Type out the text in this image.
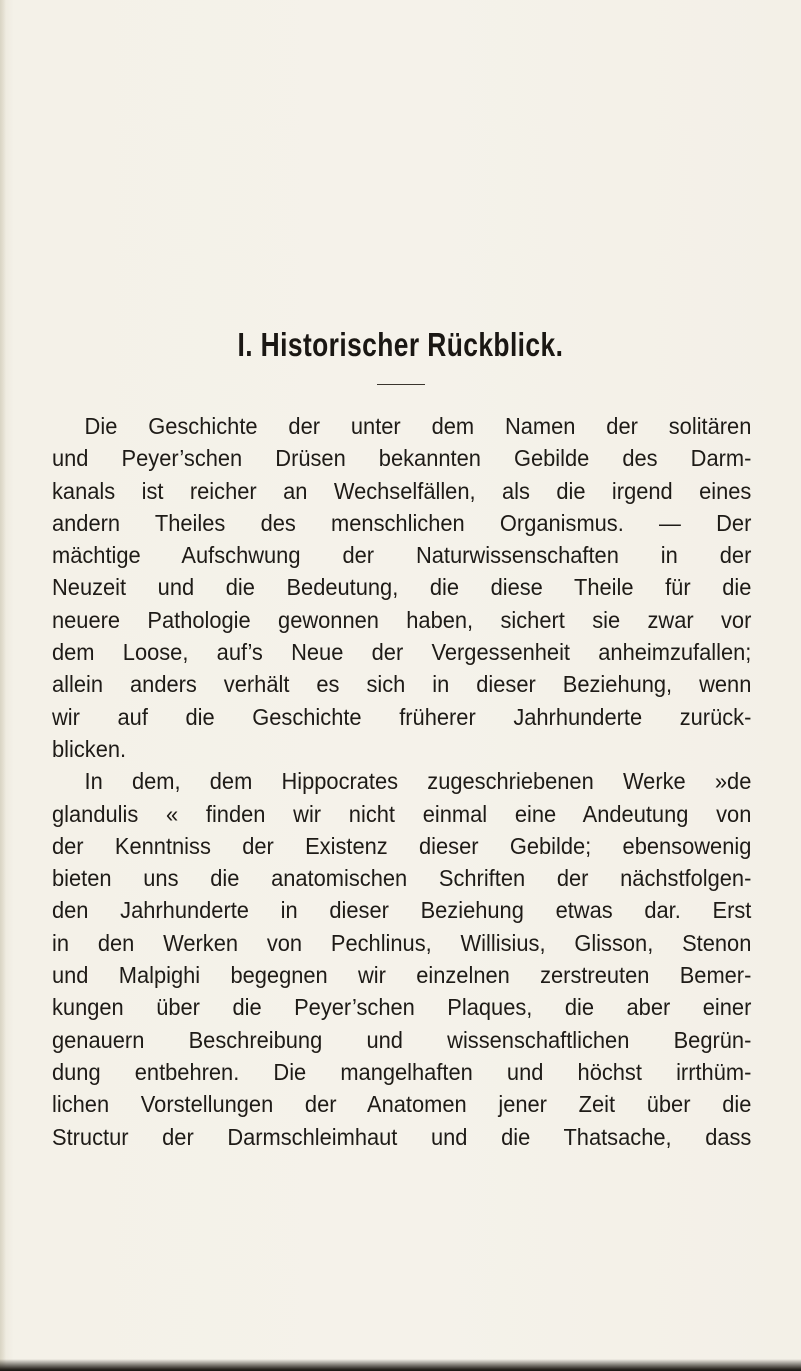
I. Historischer Rückblick.
Die Geschichte der unter dem Namen der solitären
und Peyer’schen Drüsen bekannten Gebilde des Darm-
kanals ist reicher an Wechselfällen, als die irgend eines
andern Theiles des menschlichen Organismus. — Der
mächtige Aufschwung der Naturwissenschaften in der
Neuzeit und die Bedeutung, die diese Theile für die
neuere Pathologie gewonnen haben, sichert sie zwar vor
dem Loose, auf’s Neue der Vergessenheit anheimzufallen;
allein anders verhält es sich in dieser Beziehung, wenn
wir auf die Geschichte früherer Jahrhunderte zurück-
blicken.
In dem, dem Hippocrates zugeschriebenen Werke »de
glandulis « finden wir nicht einmal eine Andeutung von
der Kenntniss der Existenz dieser Gebilde; ebensowenig
bieten uns die anatomischen Schriften der nächstfolgen-
den Jahrhunderte in dieser Beziehung etwas dar. Erst
in den Werken von Pechlinus, Willisius, Glisson, Stenon
und Malpighi begegnen wir einzelnen zerstreuten Bemer-
kungen über die Peyer’schen Plaques, die aber einer
genauern Beschreibung und wissenschaftlichen Begrün-
dung entbehren. Die mangelhaften und höchst irrthüm-
lichen Vorstellungen der Anatomen jener Zeit über die
Structur der Darmschleimhaut und die Thatsache, dass
